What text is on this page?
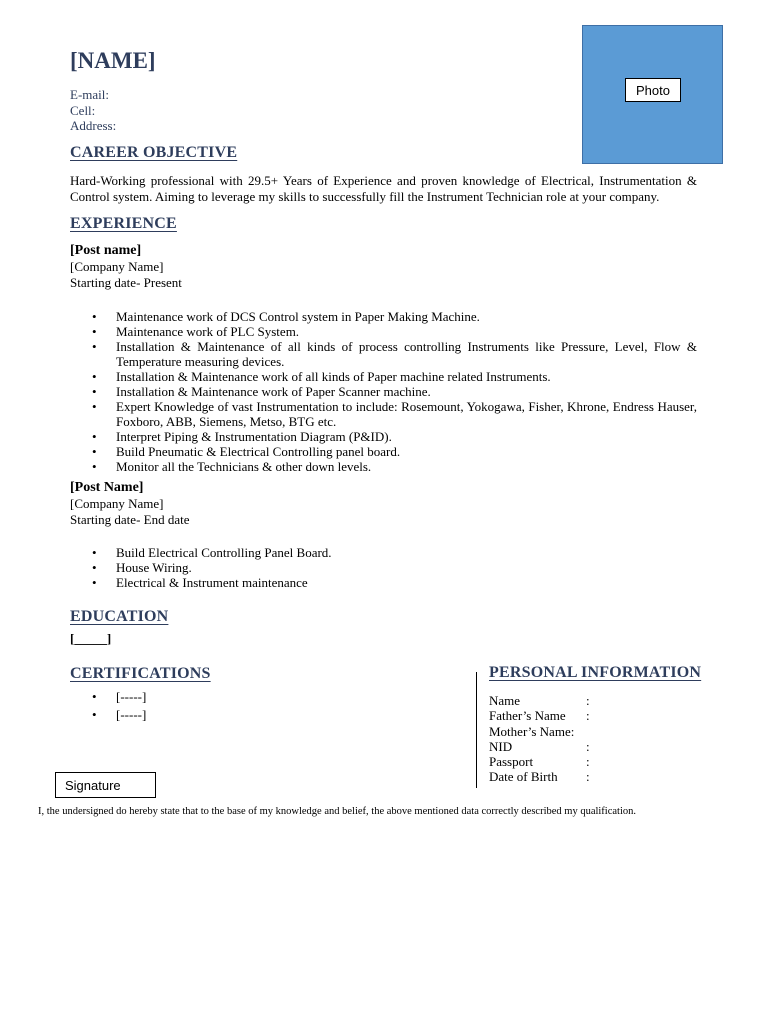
[NAME]
E-mail:
Cell:
Address:
Photo
CAREER OBJECTIVE
Hard-Working professional with 29.5+ Years of Experience and proven knowledge of Electrical, Instrumentation & Control system. Aiming to leverage my skills to successfully fill the Instrument Technician role at your company.
EXPERIENCE
[Post name]
[Company Name]
Starting date- Present
• Maintenance work of DCS Control system in Paper Making Machine.
• Maintenance work of PLC System.
• Installation & Maintenance of all kinds of process controlling Instruments like Pressure, Level, Flow & Temperature measuring devices.
• Installation & Maintenance work of all kinds of Paper machine related Instruments.
• Installation & Maintenance work of Paper Scanner machine.
• Expert Knowledge of vast Instrumentation to include: Rosemount, Yokogawa, Fisher, Khrone, Endress Hauser, Foxboro, ABB, Siemens, Metso, BTG etc.
• Interpret Piping & Instrumentation Diagram (P&ID).
• Build Pneumatic & Electrical Controlling panel board.
• Monitor all the Technicians & other down levels.
[Post Name]
[Company Name]
Starting date- End date
• Build Electrical Controlling Panel Board.
• House Wiring.
• Electrical & Instrument maintenance
EDUCATION
[_____]
CERTIFICATIONS
• [-----]
• [-----]
PERSONAL INFORMATION
Name	:
Father’s Name	:
Mother’s Name:
NID	:
Passport	:
Date of Birth	:
Signature
I, the undersigned do hereby state that to the base of my knowledge and belief, the above mentioned data correctly described my qualification.
